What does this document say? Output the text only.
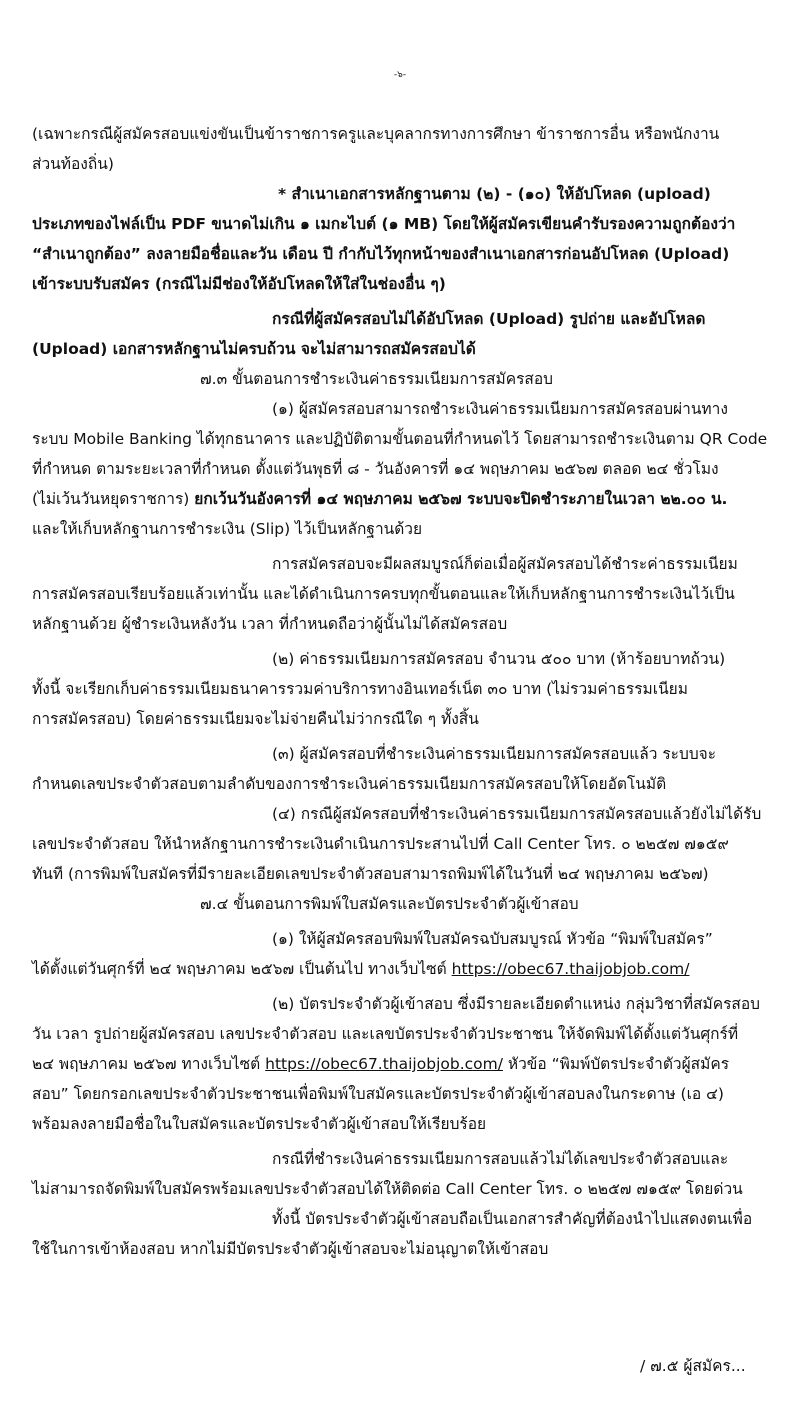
-๖-
(เฉพาะกรณีผู้สมัครสอบแข่งขันเป็นข้าราชการครูและบุคลากรทางการศึกษา ข้าราชการอื่น หรือพนักงาน
ส่วนท้องถิ่น)
* สำเนาเอกสารหลักฐานตาม (๒) - (๑๐) ให้อัปโหลด (upload)
ประเภทของไฟล์เป็น PDF ขนาดไม่เกิน ๑ เมกะไบต์ (๑ MB) โดยให้ผู้สมัครเขียนคำรับรองความถูกต้องว่า
“สำเนาถูกต้อง” ลงลายมือชื่อและวัน เดือน ปี กำกับไว้ทุกหน้าของสำเนาเอกสารก่อนอัปโหลด (Upload)
เข้าระบบรับสมัคร (กรณีไม่มีช่องให้อัปโหลดให้ใส่ในช่องอื่น ๆ)
กรณีที่ผู้สมัครสอบไม่ได้อัปโหลด (Upload) รูปถ่าย และอัปโหลด
(Upload) เอกสารหลักฐานไม่ครบถ้วน จะไม่สามารถสมัครสอบได้
๗.๓ ขั้นตอนการชำระเงินค่าธรรมเนียมการสมัครสอบ
(๑) ผู้สมัครสอบสามารถชำระเงินค่าธรรมเนียมการสมัครสอบผ่านทาง
ระบบ Mobile Banking ได้ทุกธนาคาร และปฏิบัติตามขั้นตอนที่กำหนดไว้ โดยสามารถชำระเงินตาม QR Code
ที่กำหนด ตามระยะเวลาที่กำหนด ตั้งแต่วันพุธที่ ๘ - วันอังคารที่ ๑๔ พฤษภาคม ๒๕๖๗ ตลอด ๒๔ ชั่วโมง
(ไม่เว้นวันหยุดราชการ) ยกเว้นวันอังคารที่ ๑๔ พฤษภาคม ๒๕๖๗ ระบบจะปิดชำระภายในเวลา ๒๒.๐๐ น.
และให้เก็บหลักฐานการชำระเงิน (Slip) ไว้เป็นหลักฐานด้วย
การสมัครสอบจะมีผลสมบูรณ์ก็ต่อเมื่อผู้สมัครสอบได้ชำระค่าธรรมเนียม
การสมัครสอบเรียบร้อยแล้วเท่านั้น และได้ดำเนินการครบทุกขั้นตอนและให้เก็บหลักฐานการชำระเงินไว้เป็น
หลักฐานด้วย ผู้ชำระเงินหลังวัน เวลา ที่กำหนดถือว่าผู้นั้นไม่ได้สมัครสอบ
(๒) ค่าธรรมเนียมการสมัครสอบ จำนวน ๕๐๐ บาท (ห้าร้อยบาทถ้วน)
ทั้งนี้ จะเรียกเก็บค่าธรรมเนียมธนาคารรวมค่าบริการทางอินเทอร์เน็ต ๓๐ บาท (ไม่รวมค่าธรรมเนียม
การสมัครสอบ) โดยค่าธรรมเนียมจะไม่จ่ายคืนไม่ว่ากรณีใด ๆ ทั้งสิ้น
(๓) ผู้สมัครสอบที่ชำระเงินค่าธรรมเนียมการสมัครสอบแล้ว ระบบจะ
กำหนดเลขประจำตัวสอบตามลำดับของการชำระเงินค่าธรรมเนียมการสมัครสอบให้โดยอัตโนมัติ
(๔) กรณีผู้สมัครสอบที่ชำระเงินค่าธรรมเนียมการสมัครสอบแล้วยังไม่ได้รับ
เลขประจำตัวสอบ ให้นำหลักฐานการชำระเงินดำเนินการประสานไปที่ Call Center โทร. ๐ ๒๒๕๗ ๗๑๕๙
ทันที (การพิมพ์ใบสมัครที่มีรายละเอียดเลขประจำตัวสอบสามารถพิมพ์ได้ในวันที่ ๒๔ พฤษภาคม ๒๕๖๗)
๗.๔ ขั้นตอนการพิมพ์ใบสมัครและบัตรประจำตัวผู้เข้าสอบ
(๑) ให้ผู้สมัครสอบพิมพ์ใบสมัครฉบับสมบูรณ์ หัวข้อ “พิมพ์ใบสมัคร”
ได้ตั้งแต่วันศุกร์ที่ ๒๔ พฤษภาคม ๒๕๖๗ เป็นต้นไป ทางเว็บไซต์ https://obec67.thaijobjob.com/
(๒) บัตรประจำตัวผู้เข้าสอบ ซึ่งมีรายละเอียดตำแหน่ง กลุ่มวิชาที่สมัครสอบ
วัน เวลา รูปถ่ายผู้สมัครสอบ เลขประจำตัวสอบ และเลขบัตรประจำตัวประชาชน ให้จัดพิมพ์ได้ตั้งแต่วันศุกร์ที่
๒๔ พฤษภาคม ๒๕๖๗ ทางเว็บไซต์ https://obec67.thaijobjob.com/ หัวข้อ “พิมพ์บัตรประจำตัวผู้สมัคร
สอบ” โดยกรอกเลขประจำตัวประชาชนเพื่อพิมพ์ใบสมัครและบัตรประจำตัวผู้เข้าสอบลงในกระดาษ (เอ ๔)
พร้อมลงลายมือชื่อในใบสมัครและบัตรประจำตัวผู้เข้าสอบให้เรียบร้อย
กรณีที่ชำระเงินค่าธรรมเนียมการสอบแล้วไม่ได้เลขประจำตัวสอบและ
ไม่สามารถจัดพิมพ์ใบสมัครพร้อมเลขประจำตัวสอบได้ให้ติดต่อ Call Center โทร. ๐ ๒๒๕๗ ๗๑๕๙ โดยด่วน
ทั้งนี้ บัตรประจำตัวผู้เข้าสอบถือเป็นเอกสารสำคัญที่ต้องนำไปแสดงตนเพื่อ
ใช้ในการเข้าห้องสอบ หากไม่มีบัตรประจำตัวผู้เข้าสอบจะไม่อนุญาตให้เข้าสอบ
/ ๗.๕ ผู้สมัคร...
